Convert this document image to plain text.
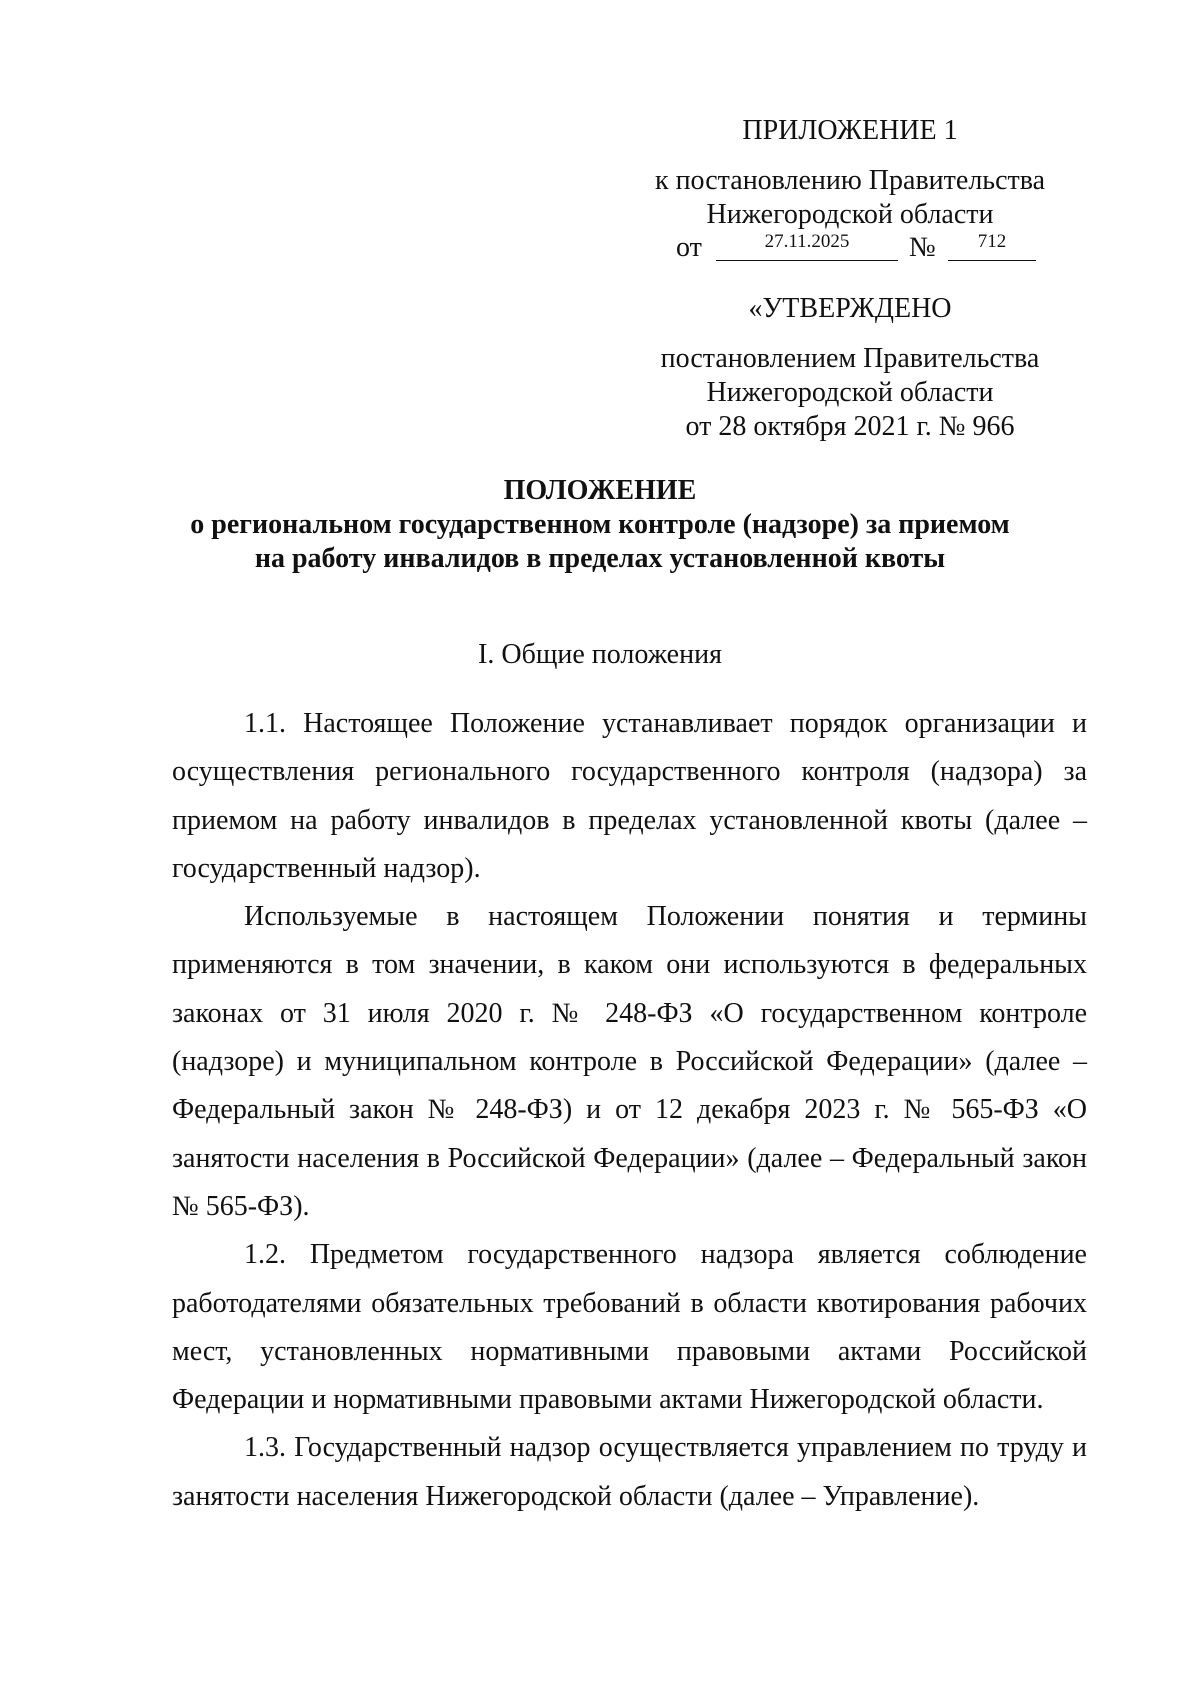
ПРИЛОЖЕНИЕ 1
к постановлению Правительства
Нижегородской области
от	27.11.2025	№	712
«УТВЕРЖДЕНО
постановлением Правительства
Нижегородской области
от 28 октября 2021 г. № 966
ПОЛОЖЕНИЕ
о региональном государственном контроле (надзоре) за приемом
на работу инвалидов в пределах установленной квоты
I. Общие положения

1.1. Настоящее Положение устанавливает порядок организации и осуществления регионального государственного контроля (надзора) за приемом на работу инвалидов в пределах установленной квоты (далее – государственный надзор).

Используемые в настоящем Положении понятия и термины применяются в том значении, в каком они используются в федеральных законах от 31 июля 2020 г. № 248-ФЗ «О государственном контроле (надзоре) и муниципальном контроле в Российской Федерации» (далее – Федеральный закон № 248-ФЗ) и от 12 декабря 2023 г. № 565-ФЗ «О занятости населения в Российской Федерации» (далее – Федеральный закон № 565-ФЗ).

1.2. Предметом государственного надзора является соблюдение работодателями обязательных требований в области квотирования рабочих мест, установленных нормативными правовыми актами Российской Федерации и нормативными правовыми актами Нижегородской области.

1.3. Государственный надзор осуществляется управлением по труду и занятости населения Нижегородской области (далее – Управление).
